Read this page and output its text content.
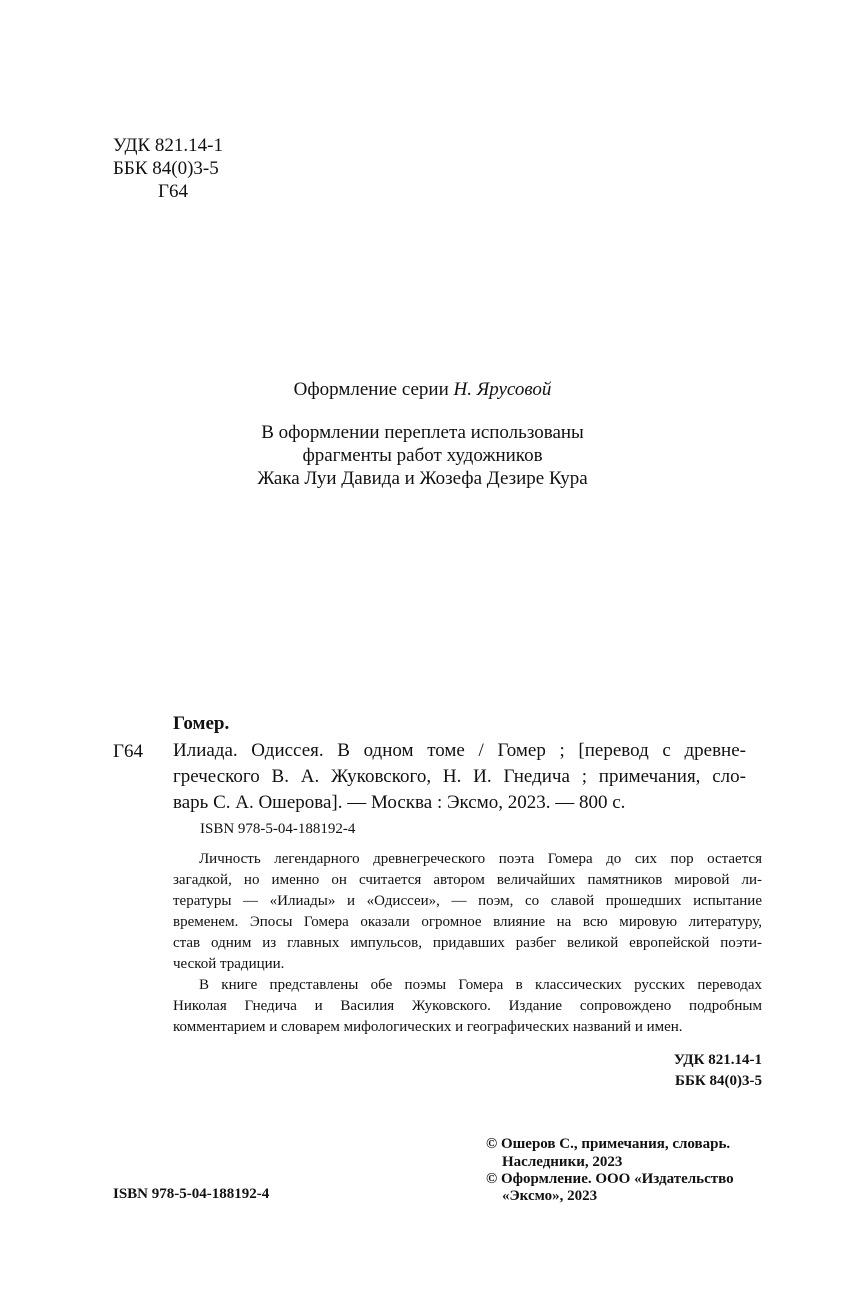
УДК 821.14-1
ББК 84(0)3-5
Г64
Оформление серии Н. Ярусовой
В оформлении переплета использованы
фрагменты работ художников
Жака Луи Давида и Жозефа Дезире Кура
Гомер.
Г64 Илиада. Одиссея. В одном томе / Гомер ; [перевод с древне-
греческого В. А. Жуковского, Н. И. Гнедича ; примечания, сло-
варь С. А. Ошерова]. — Москва : Эксмо, 2023. — 800 с.
ISBN 978-5-04-188192-4
Личность легендарного древнегреческого поэта Гомера до сих пор остается
загадкой, но именно он считается автором величайших памятников мировой ли-
тературы — «Илиады» и «Одиссеи», — поэм, со славой прошедших испытание
временем. Эпосы Гомера оказали огромное влияние на всю мировую литературу,
став одним из главных импульсов, придавших разбег великой европейской поэти-
ческой традиции.
В книге представлены обе поэмы Гомера в классических русских переводах
Николая Гнедича и Василия Жуковского. Издание сопровождено подробным
комментарием и словарем мифологических и географических названий и имен.
УДК 821.14-1
ББК 84(0)3-5
© Ошеров С., примечания, словарь.
Наследники, 2023
© Оформление. ООО «Издательство
«Эксмо», 2023
ISBN 978-5-04-188192-4
